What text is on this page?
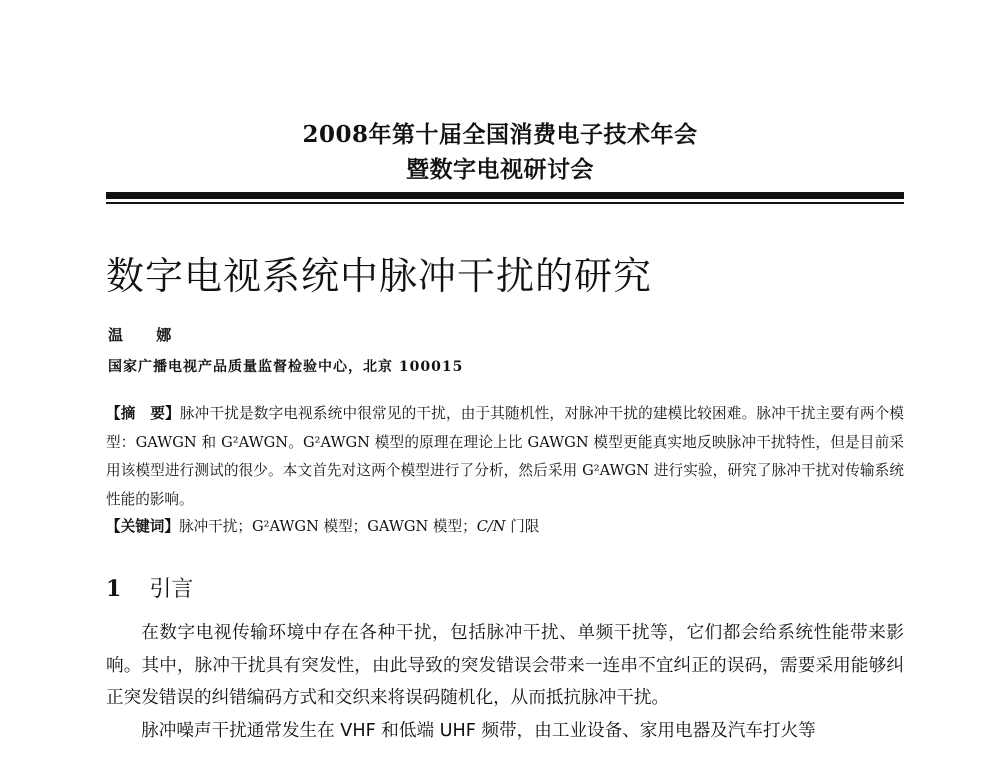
2008年第十届全国消费电子技术年会
暨数字电视研讨会
数字电视系统中脉冲干扰的研究
温 娜
国家广播电视产品质量监督检验中心，北京 100015
【摘　要】脉冲干扰是数字电视系统中很常见的干扰，由于其随机性，对脉冲干扰的建模比较困难。脉冲干扰主要有两个模型：GAWGN 和 G²AWGN。G²AWGN 模型的原理在理论上比 GAWGN 模型更能真实地反映脉冲干扰特性，但是目前采用该模型进行测试的很少。本文首先对这两个模型进行了分析，然后采用 G²AWGN 进行实验，研究了脉冲干扰对传输系统性能的影响。
【关键词】脉冲干扰；G²AWGN 模型；GAWGN 模型；C/N 门限
1 引言

在数字电视传输环境中存在各种干扰，包括脉冲干扰、单频干扰等，它们都会给系统性能带来影响。其中，脉冲干扰具有突发性，由此导致的突发错误会带来一连串不宜纠正的误码，需要采用能够纠正突发错误的纠错编码方式和交织来将误码随机化，从而抵抗脉冲干扰。

脉冲噪声干扰通常发生在 VHF 和低端 UHF 频带，由工业设备、家用电器及汽车打火等
